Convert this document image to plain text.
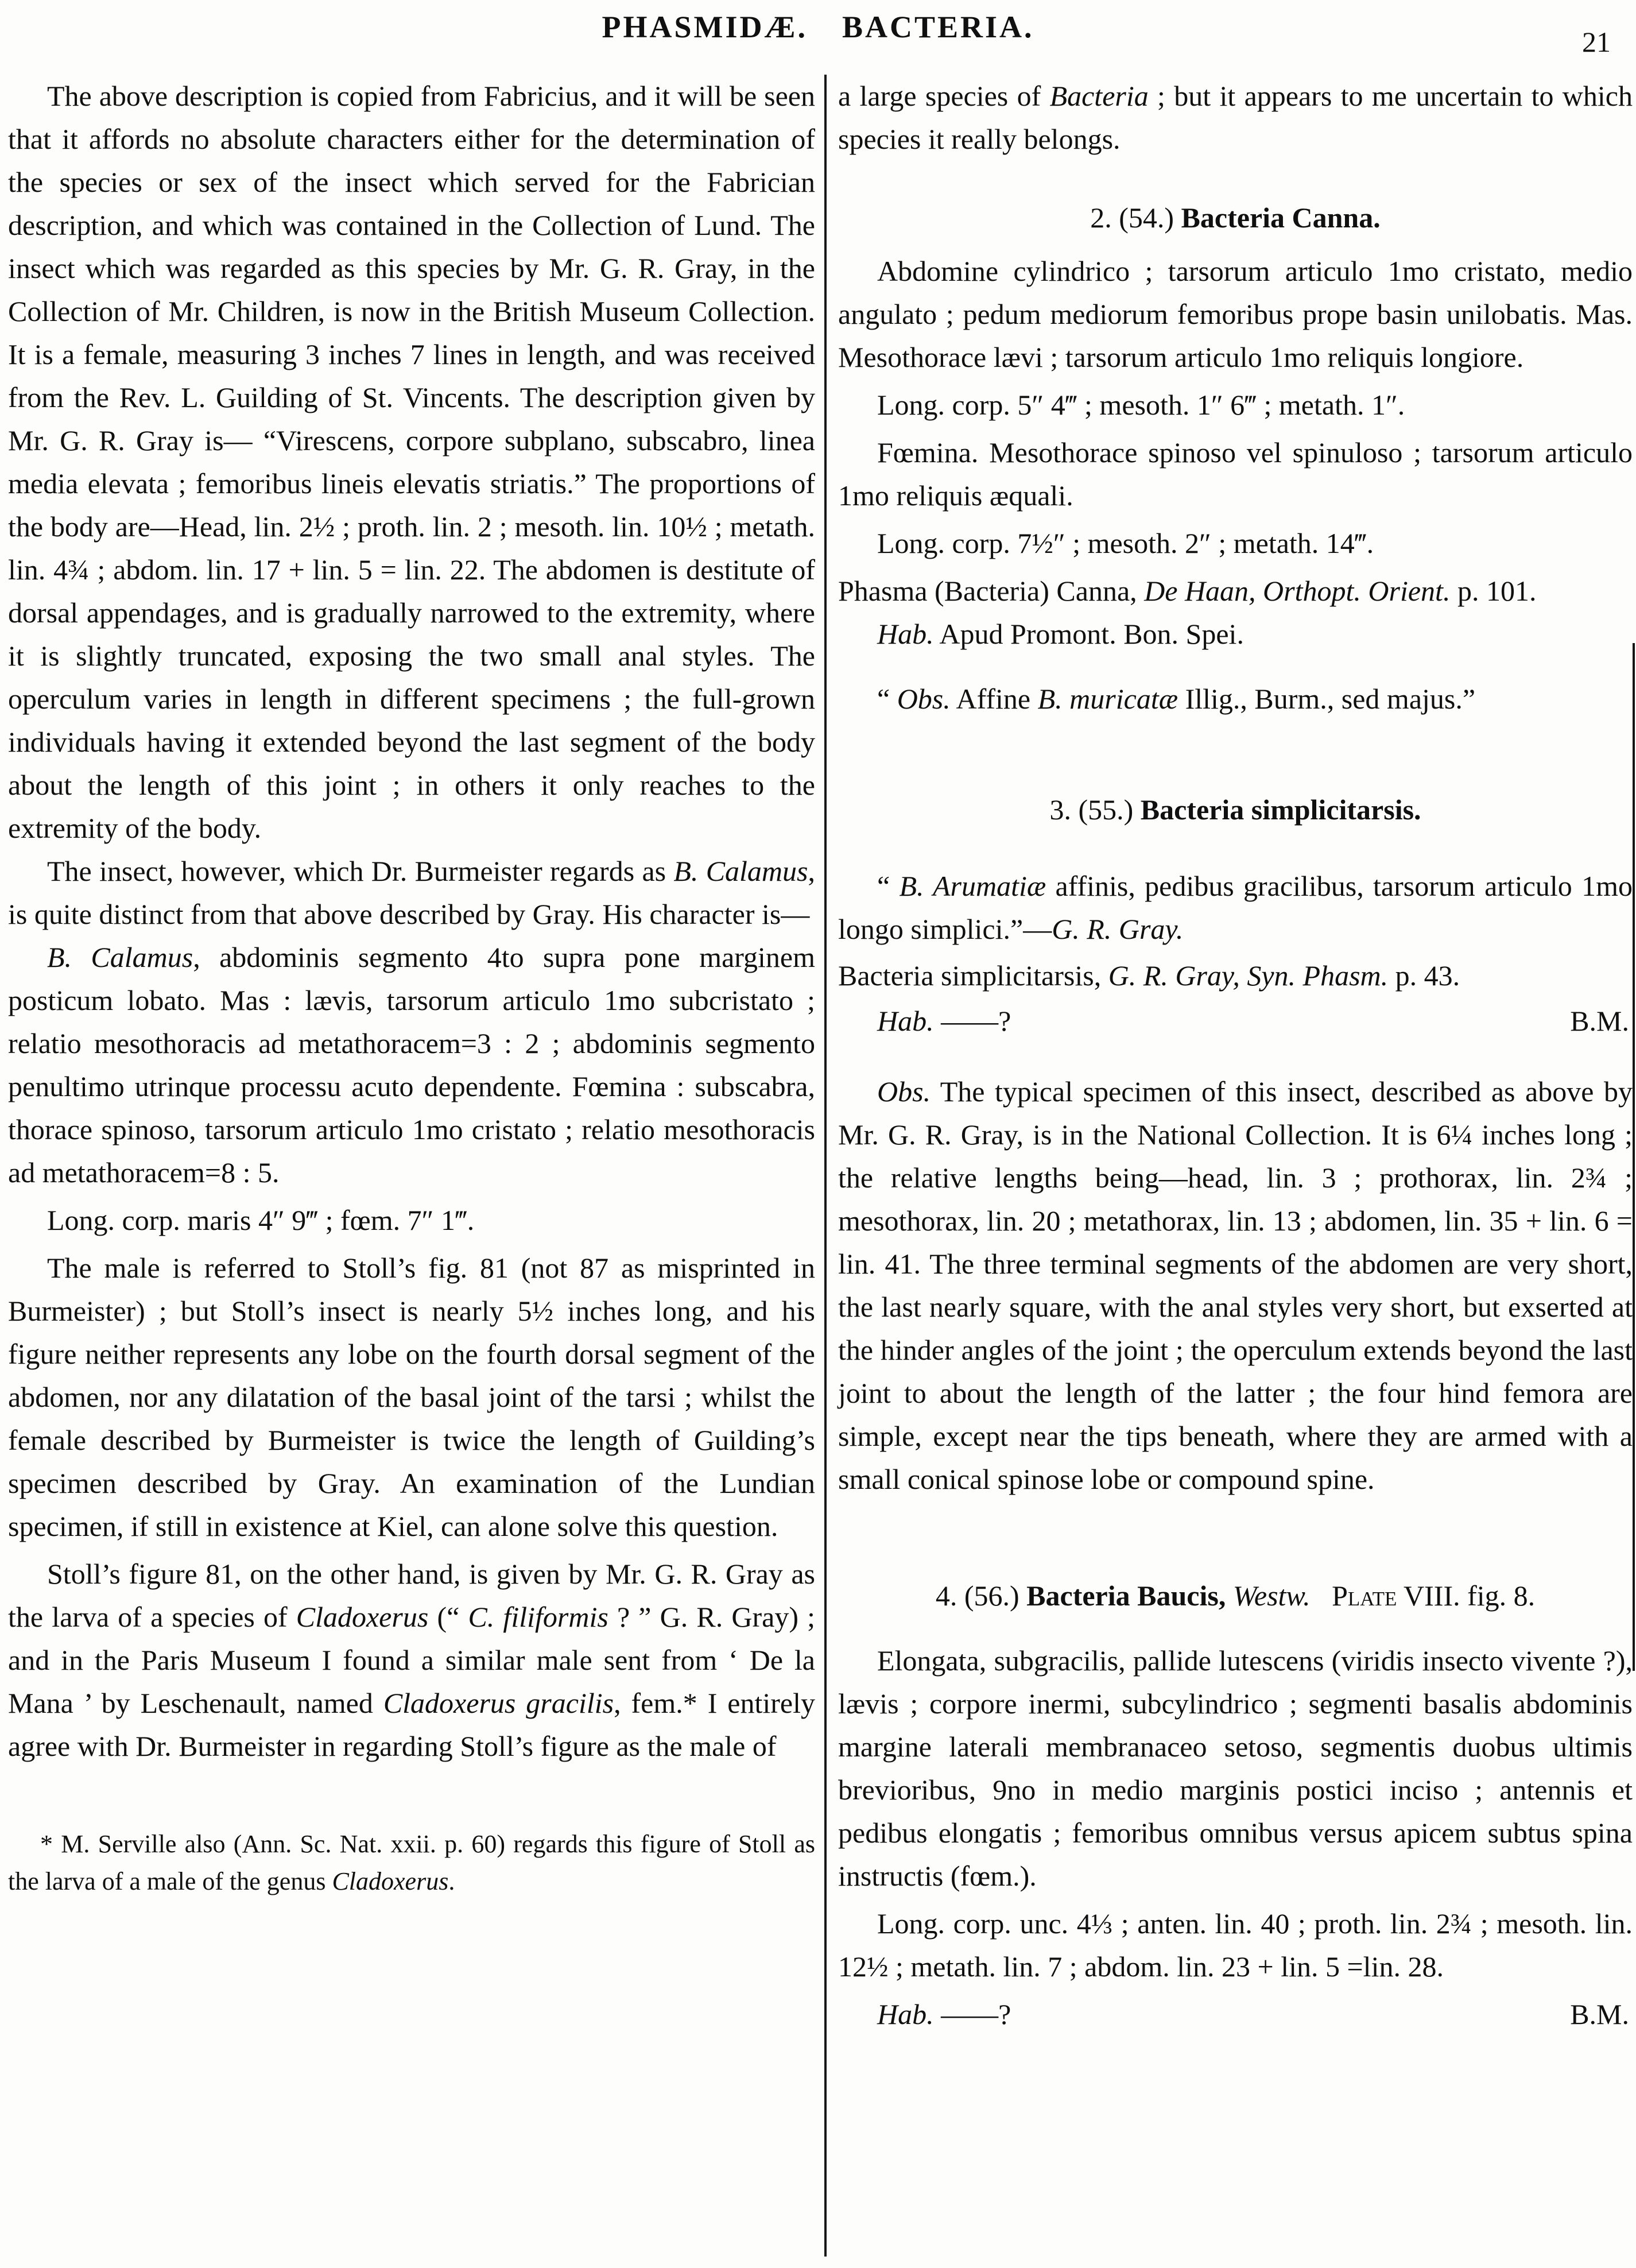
PHASMIDÆ. BACTERIA.	21

The above description is copied from Fabricius, and it will be seen that it affords no absolute characters either for the determination of the species or sex of the insect which served for the Fabrician description, and which was contained in the Collection of Lund. The insect which was regarded as this species by Mr. G. R. Gray, in the Collection of Mr. Children, is now in the British Museum Collection. It is a female, measuring 3 inches 7 lines in length, and was received from the Rev. L. Guilding of St. Vincents. The description given by Mr. G. R. Gray is— “Virescens, corpore subplano, subscabro, linea media elevata ; femoribus lineis elevatis striatis.” The proportions of the body are—Head, lin. 2½ ; proth. lin. 2 ; mesoth. lin. 10½ ; metath. lin. 4¾ ; abdom. lin. 17 + lin. 5 = lin. 22. The abdomen is destitute of dorsal appendages, and is gradually narrowed to the extremity, where it is slightly truncated, exposing the two small anal styles. The operculum varies in length in different specimens ; the full-grown individuals having it extended beyond the last segment of the body about the length of this joint ; in others it only reaches to the extremity of the body.

The insect, however, which Dr. Burmeister regards as B. Calamus, is quite distinct from that above described by Gray. His character is—

B. Calamus, abdominis segmento 4to supra pone marginem posticum lobato. Mas : lævis, tarsorum articulo 1mo subcristato ; relatio mesothoracis ad metathoracem=3 : 2 ; abdominis segmento penultimo utrinque processu acuto dependente. Fœmina : subscabra, thorace spinoso, tarsorum articulo 1mo cristato ; relatio mesothoracis ad metathoracem=8 : 5.

Long. corp. maris 4″ 9‴ ; fœm. 7″ 1‴.

The male is referred to Stoll’s fig. 81 (not 87 as misprinted in Burmeister) ; but Stoll’s insect is nearly 5½ inches long, and his figure neither represents any lobe on the fourth dorsal segment of the abdomen, nor any dilatation of the basal joint of the tarsi ; whilst the female described by Burmeister is twice the length of Guilding’s specimen described by Gray. An examination of the Lundian specimen, if still in existence at Kiel, can alone solve this question.

Stoll’s figure 81, on the other hand, is given by Mr. G. R. Gray as the larva of a species of Cladoxerus (“ C. filiformis ? ” G. R. Gray) ; and in the Paris Museum I found a similar male sent from ‘ De la Mana ’ by Leschenault, named Cladoxerus gracilis, fem.* I entirely agree with Dr. Burmeister in regarding Stoll’s figure as the male of

* M. Serville also (Ann. Sc. Nat. xxii. p. 60) regards this figure of Stoll as the larva of a male of the genus Cladoxerus.

a large species of Bacteria ; but it appears to me uncertain to which species it really belongs.

2. (54.) Bacteria Canna.

Abdomine cylindrico ; tarsorum articulo 1mo cristato, medio angulato ; pedum mediorum femoribus prope basin unilobatis. Mas. Mesothorace lævi ; tarsorum articulo 1mo reliquis longiore.

Long. corp. 5″ 4‴ ; mesoth. 1″ 6‴ ; metath. 1″.

Fœmina. Mesothorace spinoso vel spinuloso ; tarsorum articulo 1mo reliquis æquali.

Long. corp. 7½″ ; mesoth. 2″ ; metath. 14‴.

Phasma (Bacteria) Canna, De Haan, Orthopt. Orient. p. 101.

Hab. Apud Promont. Bon. Spei.

“ Obs. Affine B. muricatæ Illig., Burm., sed majus.”

3. (55.) Bacteria simplicitarsis.

“ B. Arumatiæ affinis, pedibus gracilibus, tarsorum articulo 1mo longo simplici.”—G. R. Gray.

Bacteria simplicitarsis, G. R. Gray, Syn. Phasm. p. 43.

Hab. ——?	B.M.

Obs. The typical specimen of this insect, described as above by Mr. G. R. Gray, is in the National Collection. It is 6¼ inches long ; the relative lengths being—head, lin. 3 ; prothorax, lin. 2¾ ; mesothorax, lin. 20 ; metathorax, lin. 13 ; abdomen, lin. 35 + lin. 6 = lin. 41. The three terminal segments of the abdomen are very short, the last nearly square, with the anal styles very short, but exserted at the hinder angles of the joint ; the operculum extends beyond the last joint to about the length of the latter ; the four hind femora are simple, except near the tips beneath, where they are armed with a small conical spinose lobe or compound spine.

4. (56.) Bacteria Baucis, Westw. Plate VIII. fig. 8.

Elongata, subgracilis, pallide lutescens (viridis insecto vivente ?), lævis ; corpore inermi, subcylindrico ; segmenti basalis abdominis margine laterali membranaceo setoso, segmentis duobus ultimis brevioribus, 9no in medio marginis postici inciso ; antennis et pedibus elongatis ; femoribus omnibus versus apicem subtus spina instructis (fœm.).

Long. corp. unc. 4⅓ ; anten. lin. 40 ; proth. lin. 2¾ ; mesoth. lin. 12½ ; metath. lin. 7 ; abdom. lin. 23 + lin. 5 =lin. 28.

Hab. ——?	B.M.
